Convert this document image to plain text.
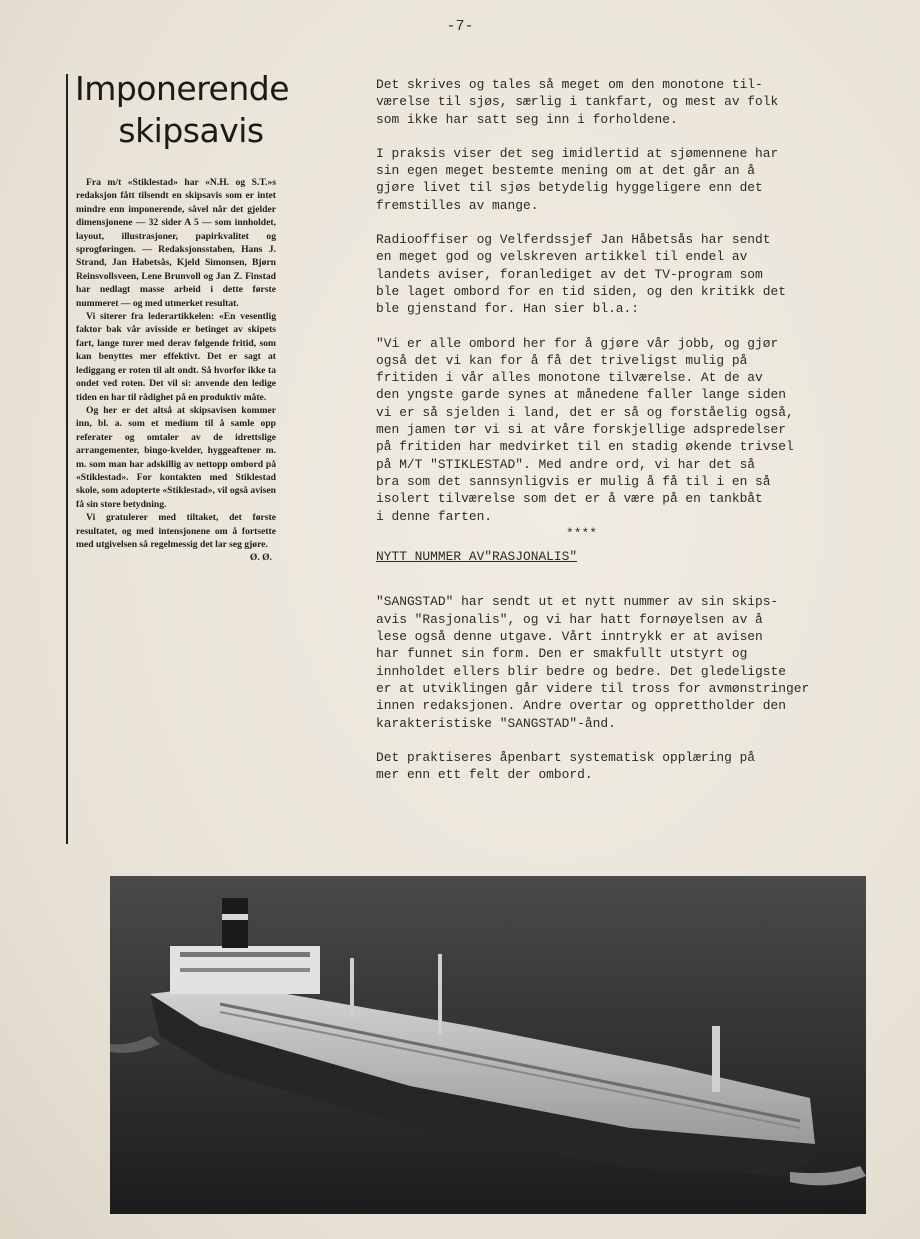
-7-
Imponerende

skipsavis

Fra m/t «Stiklestad» har «N.H. og S.T.»s redaksjon fått tilsendt en skipsavis som er intet mindre enn imponerende, såvel når det gjelder dimensjonene — 32 sider A 5 — som innholdet, layout, illustrasjoner, papirkvalitet og sprogføringen. — Redaksjonsstaben, Hans J. Strand, Jan Habetsås, Kjeld Simonsen, Bjørn Reinsvollsveen, Lene Brunvoll og Jan Z. Finstad har nedlagt masse arbeid i dette første nummeret — og med utmerket resultat.

Vi siterer fra lederartikkelen: «En vesentlig faktor bak vår avisside er betinget av skipets fart, lange turer med derav følgende fritid, som kan benyttes mer effektivt. Det er sagt at lediggang er roten til alt ondt. Så hvorfor ikke ta ondet ved roten. Det vil si: anvende den ledige tiden en har til rådighet på en produktiv måte.

Og her er det altså at skipsavisen kommer inn, bl. a. som et medium til å samle opp referater og omtaler av de idrettslige arrangementer, bingo-kvelder, hyggeaftener m. m. som man har adskillig av nettopp ombord på «Stiklestad». For kontakten med Stiklestad skole, som adopterte «Stiklestad», vil også avisen få sin store betydning.

Vi gratulerer med tiltaket, det første resultatet, og med intensjonene om å fortsette med utgivelsen så regelmessig det lar seg gjøre.

Ø. Ø.

Det skrives og tales så meget om den monotone til-
værelse til sjøs, særlig i tankfart, og mest av folk
som ikke har satt seg inn i forholdene.

I praksis viser det seg imidlertid at sjømennene har
sin egen meget bestemte mening om at det går an å
gjøre livet til sjøs betydelig hyggeligere enn det
fremstilles av mange.

Radiooffiser og Velferdssjef Jan Håbetsås har sendt
en meget god og velskreven artikkel til endel av
landets aviser, foranlediget av det TV-program som
ble laget ombord for en tid siden, og den kritikk det
ble gjenstand for. Han sier bl.a.:

"Vi er alle ombord her for å gjøre vår jobb, og gjør
også det vi kan for å få det triveligst mulig på
fritiden i vår alles monotone tilværelse. At de av
den yngste garde synes at månedene faller lange siden
vi er så sjelden i land, det er så og forståelig også,
men jamen tør vi si at våre forskjellige adspredelser
på fritiden har medvirket til en stadig økende trivsel
på M/T "STIKLESTAD". Med andre ord, vi har det så
bra som det sannsynligvis er mulig å få til i en så
isolert tilværelse som det er å være på en tankbåt
i denne farten.

****

NYTT NUMMER AV"RASJONALIS"

"SANGSTAD" har sendt ut et nytt nummer av sin skips-
avis "Rasjonalis", og vi har hatt fornøyelsen av å
lese også denne utgave. Vårt inntrykk er at avisen
har funnet sin form. Den er smakfullt utstyrt og
innholdet ellers blir bedre og bedre. Det gledeligste
er at utviklingen går videre til tross for avmønstringer
innen redaksjonen. Andre overtar og opprettholder den
karakteristiske "SANGSTAD"-ånd.

Det praktiseres åpenbart systematisk opplæring på
mer enn ett felt der ombord.
